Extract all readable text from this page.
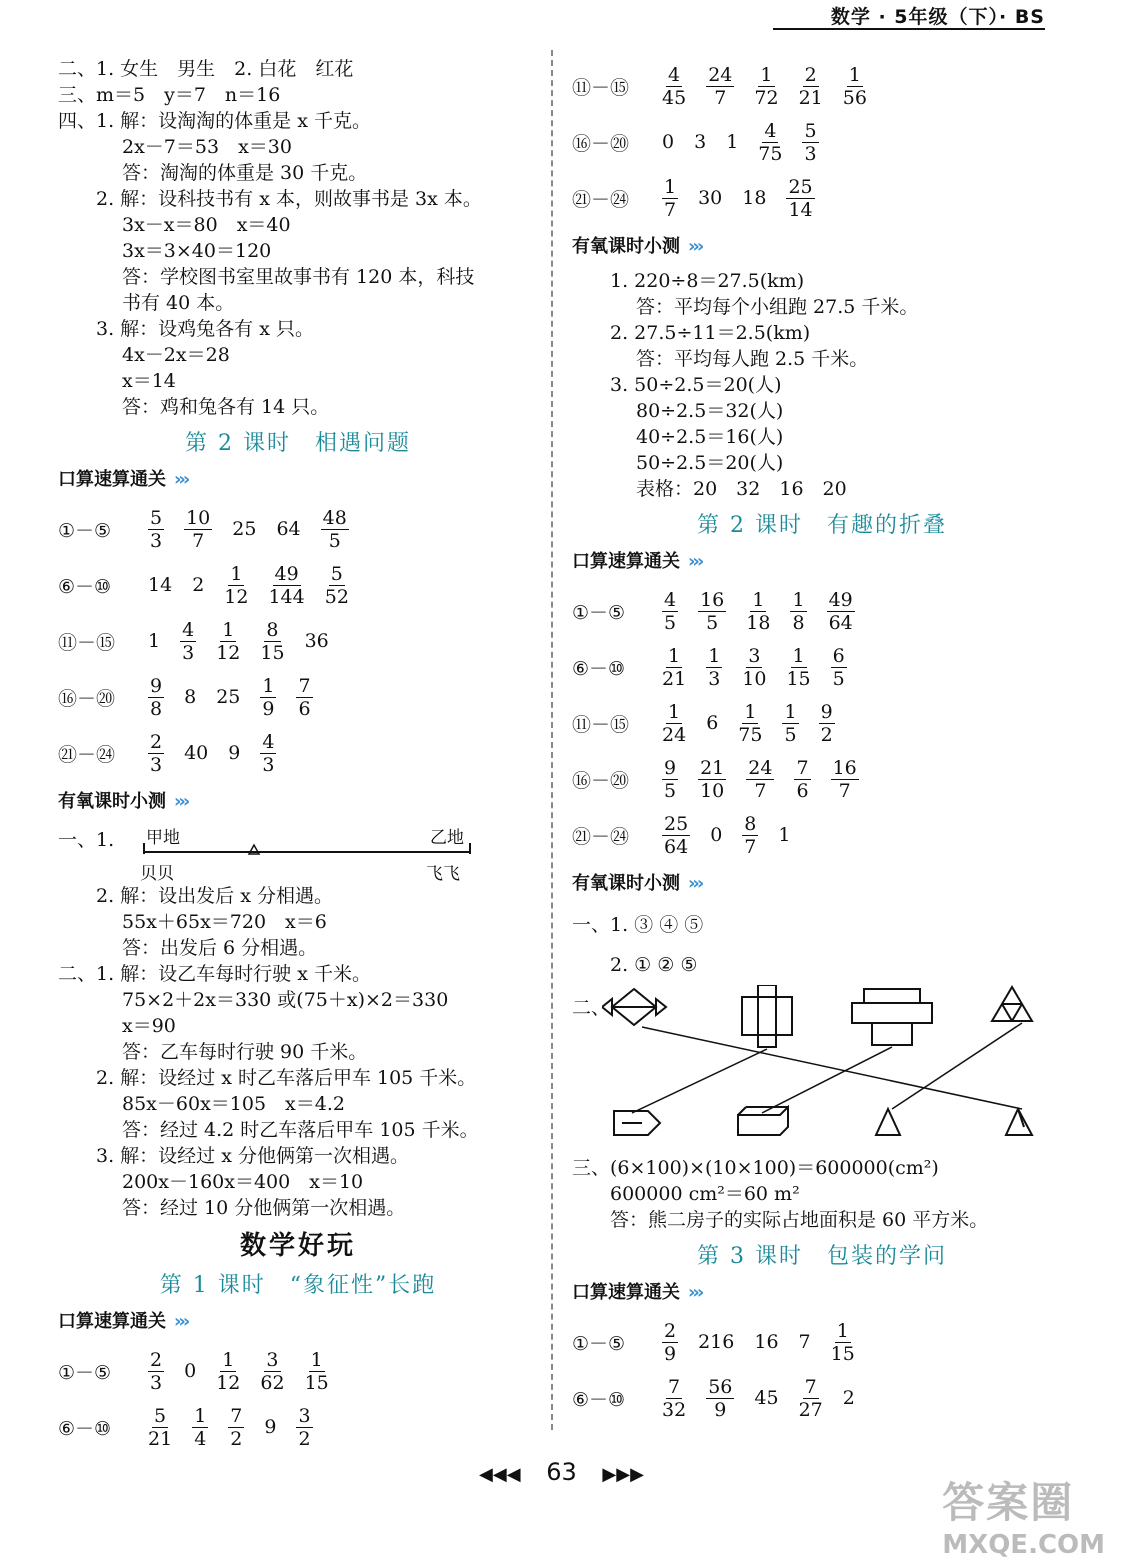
数学 · 5年级（下）· BS
二、1. 女生　男生　2. 白花　红花
三、m＝5　y＝7　n＝16
四、1. 解：设淘淘的体重是 x 千克。
2x－7＝53　x＝30
答：淘淘的体重是 30 千克。
2. 解：设科技书有 x 本，则故事书是 3x 本。
3x－x＝80　x＝40
3x＝3×40＝120
答：学校图书室里故事书有 120 本，科技
书有 40 本。
3. 解：设鸡兔各有 x 只。
4x－2x＝28
x＝14
答：鸡和兔各有 14 只。
第 2 课时　相遇问题
口算速算通关 ›››
①－⑤	$\frac{5}{3} \frac{10}{7} 25$ $64 \frac{48}{5}$
⑥－⑩	14 $2 \frac{1}{12} \frac{49}{144} \frac{5}{52}$
⑪－⑮	$1 \frac{4}{3} \frac{1}{12} \frac{8}{15} 36$
⑯－⑳	$\frac{9}{8} 8$ $25 \frac{1}{9} \frac{7}{6}$
㉑－㉔	$\frac{2}{3} 40$ $9 \frac{4}{3}$
有氧课时小测 ›››
一、1. 甲地	乙地
贝贝	飞飞
2. 解：设出发后 x 分相遇。
55x＋65x＝720　x＝6
答：出发后 6 分相遇。
二、1. 解：设乙车每时行驶 x 千米。
75×2＋2x＝330 或(75＋x)×2＝330
x＝90
答：乙车每时行驶 90 千米。
2. 解：设经过 x 时乙车落后甲车 105 千米。
85x－60x＝105　x＝4.2
答：经过 4.2 时乙车落后甲车 105 千米。
3. 解：设经过 x 分他俩第一次相遇。
200x－160x＝400　x＝10
答：经过 10 分他俩第一次相遇。
数学好玩
第 1 课时　“象征性”长跑
口算速算通关 ›››
①－⑤	$\frac{2}{3} 0 \frac{1}{12} \frac{3}{62} \frac{1}{15}$
⑥－⑩	$\frac{5}{21} \frac{1}{4} \frac{7}{2} 9 \frac{3}{2}$
⑪－⑮	$\frac{4}{45} \frac{24}{7} \frac{1}{72} \frac{2}{21} \frac{1}{56}$
⑯－⑳	0 3 $1 \frac{4}{75} \frac{5}{3}$
㉑－㉔	$\frac{1}{7} 30$ $18 \frac{25}{14}$
有氧课时小测 ›››
1. 220÷8＝27.5(km)
答：平均每个小组跑 27.5 千米。
2. 27.5÷11＝2.5(km)
答：平均每人跑 2.5 千米。
3. 50÷2.5＝20(人)
80÷2.5＝32(人)
40÷2.5＝16(人)
50÷2.5＝20(人)
表格：20　32　16　20
第 2 课时　有趣的折叠
口算速算通关 ›››
①－⑤	$\frac{4}{5} \frac{16}{5} \frac{1}{18} \frac{1}{8} \frac{49}{64}$
⑥－⑩	$\frac{1}{21} \frac{1}{3} \frac{3}{10} \frac{1}{15} \frac{6}{5}$
⑪－⑮	$\frac{1}{24} 6 \frac{1}{75} \frac{1}{5} \frac{9}{2}$
⑯－⑳	$\frac{9}{5} \frac{21}{10} \frac{24}{7} \frac{7}{6} \frac{16}{7}$
㉑－㉔	$\frac{25}{64} 0 \frac{8}{7} 1$
有氧课时小测 ›››
一、1. ③ ④ ⑤
2. ① ② ⑤
二、
三、(6×100)×(10×100)＝600000(cm²)
600000 cm²＝60 m²
答：熊二房子的实际占地面积是 60 平方米。
第 3 课时　包装的学问
口算速算通关 ›››
①－⑤	$\frac{2}{9} 216$ 16 $7 \frac{1}{15}$
⑥－⑩	$\frac{7}{32} \frac{56}{9} 45 \frac{7}{27} 2$
◀◀◀ 63 ▶▶▶
答案圈
MXQE.COM
